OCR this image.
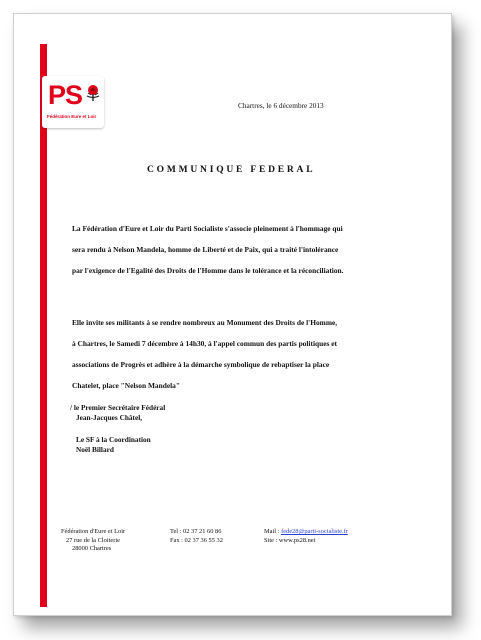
PS
Fédération Eure et Loir
Chartres, le 6 décembre 2013
COMMUNIQUE FEDERAL
La Fédération d'Eure et Loir du Parti Socialiste s'associe pleinement à l'hommage qui
sera rendu à Nelson Mandela, homme de Liberté et de Paix, qui a traité l'intolérance
par l'exigence de l'Egalité des Droits de l'Homme dans le tolérance et la réconciliation.
Elle invite ses militants à se rendre nombreux au Monument des Droits de l'Homme,
à Chartres, le Samedi 7 décembre à 14h30, à l'appel commun des partis politiques et
associations de Progrès et adhère à la démarche symbolique de rebaptiser la place
Chatelet, place "Nelson Mandela"
/ le Premier Secrétaire Fédéral
Jean-Jacques Châtel,
Le SF à la Coordination
Noël Billard
Fédération d'Eure et Loir
27 rue de la Cloiterie
28000 Chartres
Tel : 02 37 21 60 86
Fax : 02 37 36 55 32
Mail : fede28@parti-socialiste.fr
Site : www.ps28.net
